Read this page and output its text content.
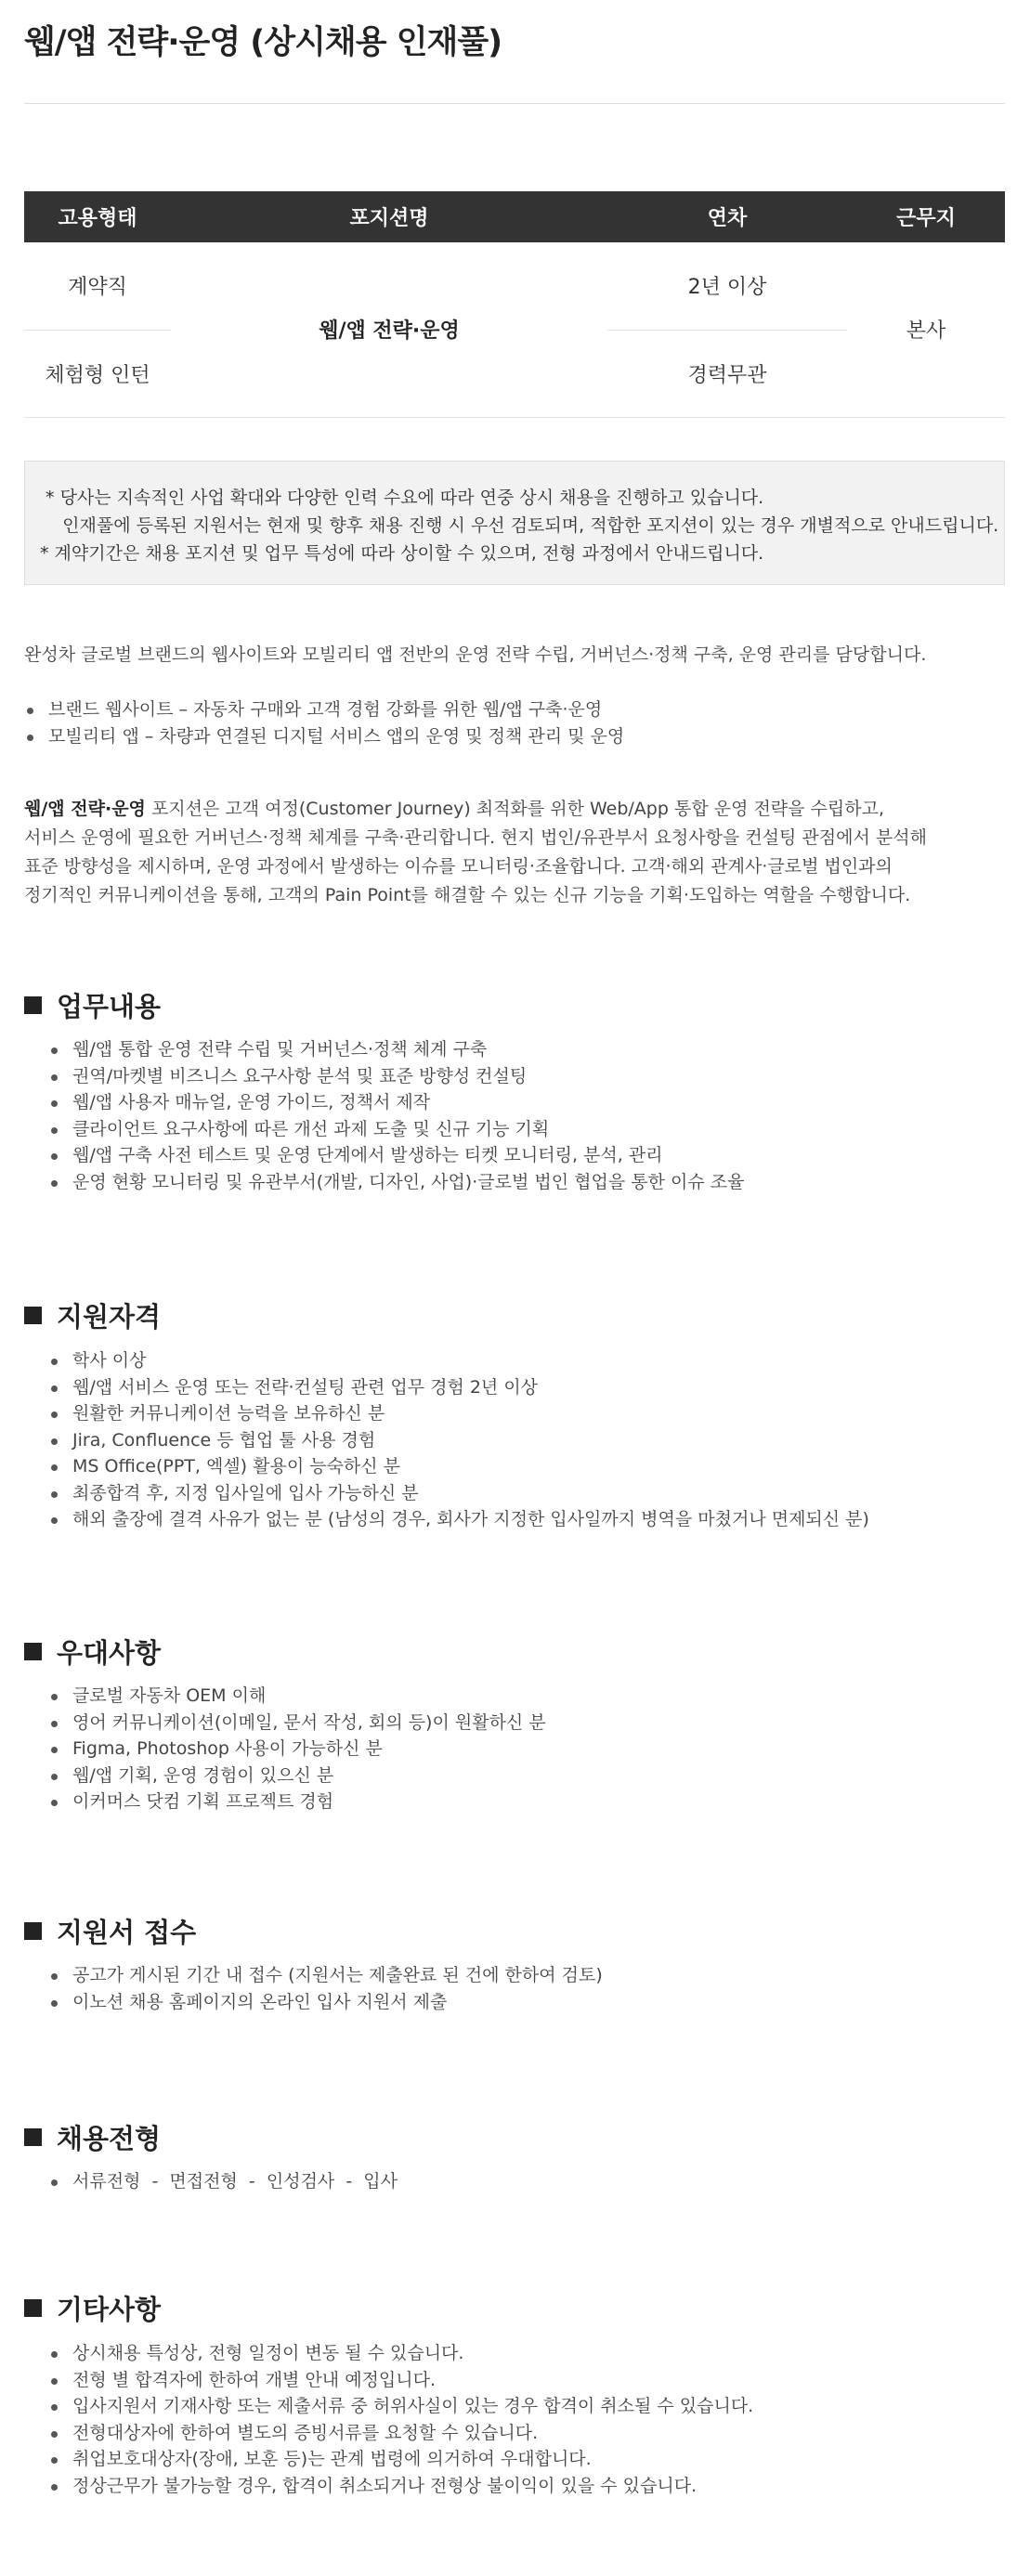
웹/앱 전략·운영 (상시채용 인재풀)
고용형태	포지션명	연차	근무지
계약직	웹/앱 전략·운영	2년 이상	본사
체험형 인턴		경력무관	

* 당사는 지속적인 사업 확대와 다양한 인력 수요에 따라 연중 상시 채용을 진행하고 있습니다.

인재풀에 등록된 지원서는 현재 및 향후 채용 진행 시 우선 검토되며, 적합한 포지션이 있는 경우 개별적으로 안내드립니다.

* 계약기간은 채용 포지션 및 업무 특성에 따라 상이할 수 있으며, 전형 과정에서 안내드립니다.

완성차 글로벌 브랜드의 웹사이트와 모빌리티 앱 전반의 운영 전략 수립, 거버넌스·정책 구축, 운영 관리를 담당합니다.

브랜드 웹사이트 – 자동차 구매와 고객 경험 강화를 위한 웹/앱 구축·운영
모빌리티 앱 – 차량과 연결된 디지털 서비스 앱의 운영 및 정책 관리 및 운영

웹/앱 전략·운영 포지션은 고객 여정(Customer Journey) 최적화를 위한 Web/App 통합 운영 전략을 수립하고,

서비스 운영에 필요한 거버넌스·정책 체계를 구축·관리합니다. 현지 법인/유관부서 요청사항을 컨설팅 관점에서 분석해

표준 방향성을 제시하며, 운영 과정에서 발생하는 이슈를 모니터링·조율합니다. 고객·해외 관계사·글로벌 법인과의

정기적인 커뮤니케이션을 통해, 고객의 Pain Point를 해결할 수 있는 신규 기능을 기획·도입하는 역할을 수행합니다.

업무내용
웹/앱 통합 운영 전략 수립 및 거버넌스·정책 체계 구축
권역/마켓별 비즈니스 요구사항 분석 및 표준 방향성 컨설팅
웹/앱 사용자 매뉴얼, 운영 가이드, 정책서 제작
클라이언트 요구사항에 따른 개선 과제 도출 및 신규 기능 기획
웹/앱 구축 사전 테스트 및 운영 단계에서 발생하는 티켓 모니터링, 분석, 관리
운영 현황 모니터링 및 유관부서(개발, 디자인, 사업)·글로벌 법인 협업을 통한 이슈 조율
지원자격
학사 이상
웹/앱 서비스 운영 또는 전략·컨설팅 관련 업무 경험 2년 이상
원활한 커뮤니케이션 능력을 보유하신 분
Jira, Confluence 등 협업 툴 사용 경험
MS Office(PPT, 엑셀) 활용이 능숙하신 분
최종합격 후, 지정 입사일에 입사 가능하신 분
해외 출장에 결격 사유가 없는 분 (남성의 경우, 회사가 지정한 입사일까지 병역을 마쳤거나 면제되신 분)
우대사항
글로벌 자동차 OEM 이해
영어 커뮤니케이션(이메일, 문서 작성, 회의 등)이 원활하신 분
Figma, Photoshop 사용이 가능하신 분
웹/앱 기획, 운영 경험이 있으신 분
이커머스 닷컴 기획 프로젝트 경험
지원서 접수
공고가 게시된 기간 내 접수 (지원서는 제출완료 된 건에 한하여 검토)
이노션 채용 홈페이지의 온라인 입사 지원서 제출
채용전형
서류전형  -  면접전형  -  인성검사  -  입사
기타사항
상시채용 특성상, 전형 일정이 변동 될 수 있습니다.
전형 별 합격자에 한하여 개별 안내 예정입니다.
입사지원서 기재사항 또는 제출서류 중 허위사실이 있는 경우 합격이 취소될 수 있습니다.
전형대상자에 한하여 별도의 증빙서류를 요청할 수 있습니다.
취업보호대상자(장애, 보훈 등)는 관계 법령에 의거하여 우대합니다.
정상근무가 불가능할 경우, 합격이 취소되거나 전형상 불이익이 있을 수 있습니다.
